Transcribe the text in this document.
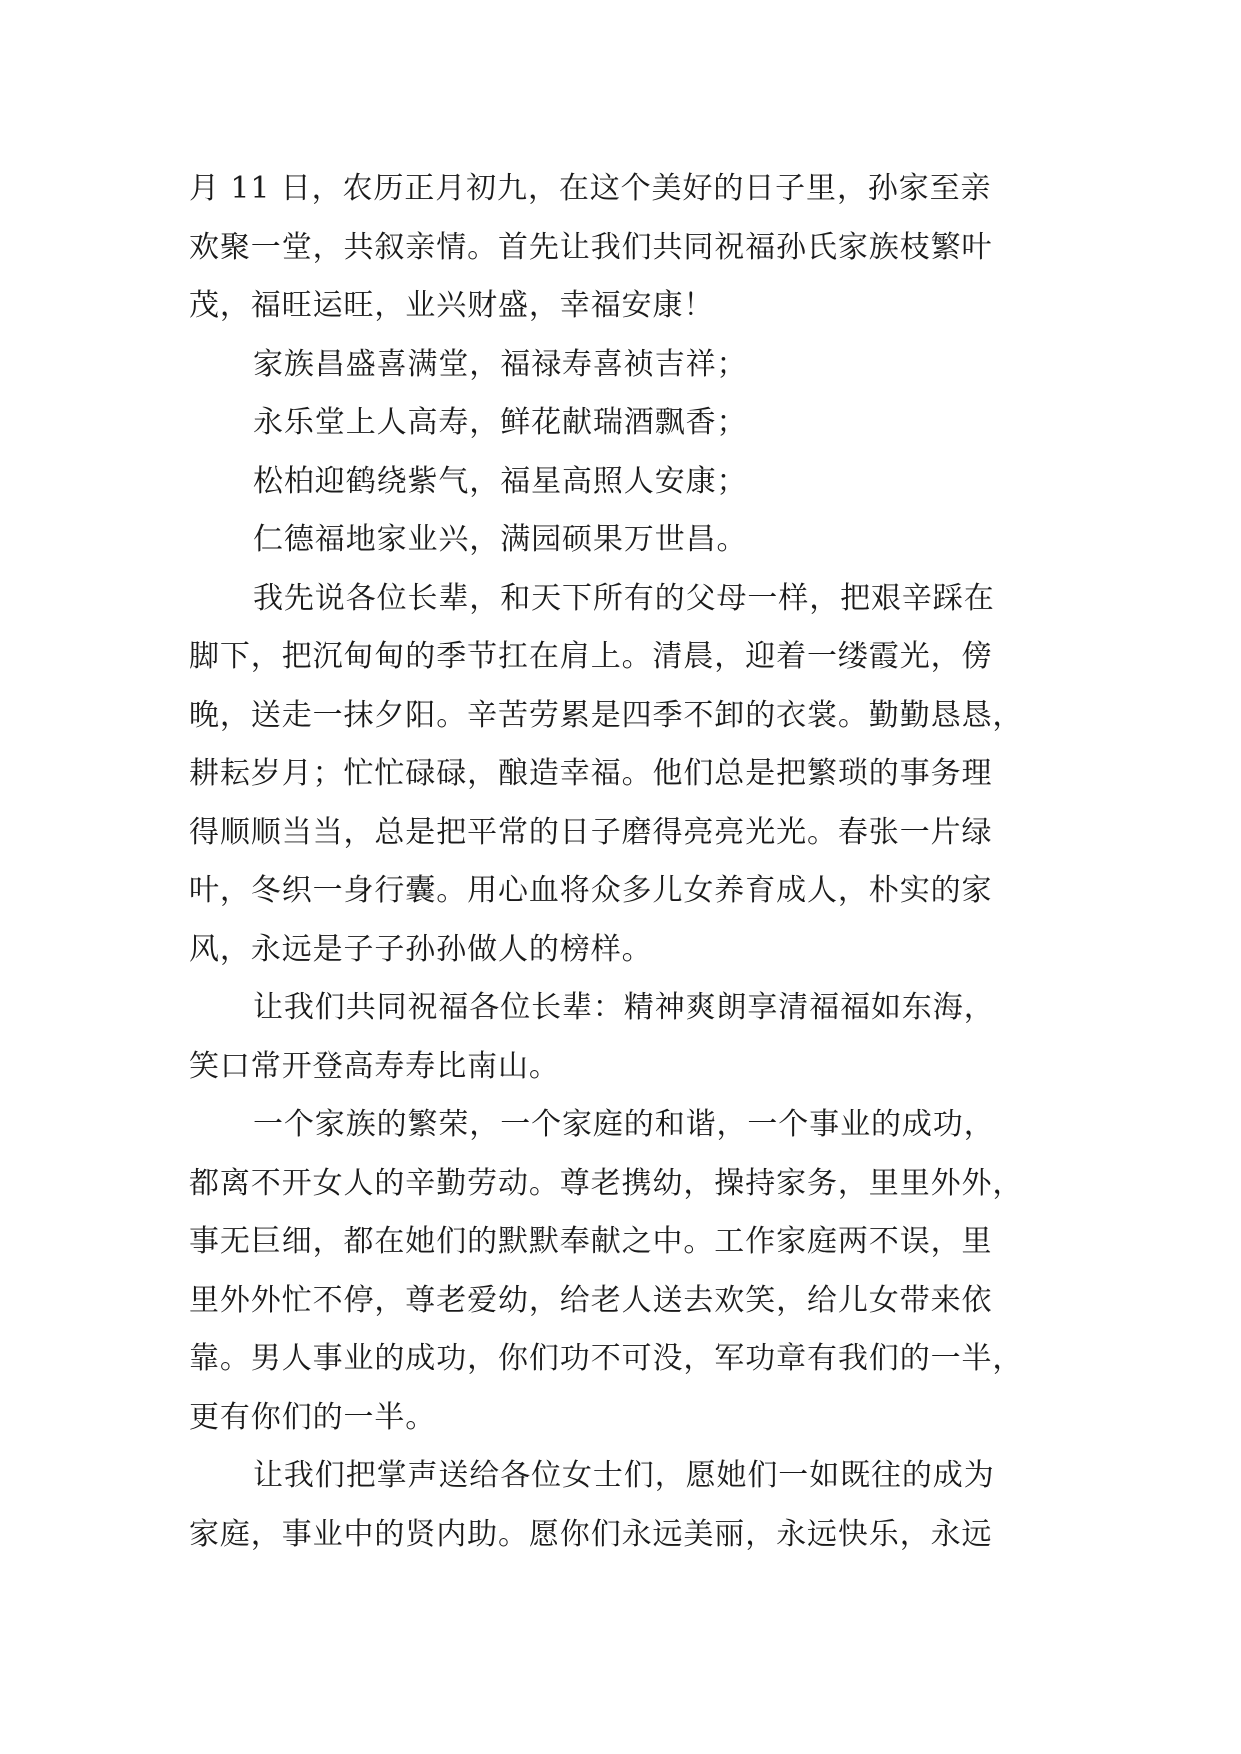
月 11 日，农历正月初九，在这个美好的日子里，孙家至亲
欢聚一堂，共叙亲情。首先让我们共同祝福孙氏家族枝繁叶
茂，福旺运旺，业兴财盛，幸福安康！
家族昌盛喜满堂，福禄寿喜祯吉祥；
永乐堂上人高寿，鲜花献瑞酒飘香；
松柏迎鹤绕紫气，福星高照人安康；
仁德福地家业兴，满园硕果万世昌。
我先说各位长辈，和天下所有的父母一样，把艰辛踩在
脚下，把沉甸甸的季节扛在肩上。清晨，迎着一缕霞光，傍
晚，送走一抹夕阳。辛苦劳累是四季不卸的衣裳。勤勤恳恳，
耕耘岁月；忙忙碌碌，酿造幸福。他们总是把繁琐的事务理
得顺顺当当，总是把平常的日子磨得亮亮光光。春张一片绿
叶，冬织一身行囊。用心血将众多儿女养育成人，朴实的家
风，永远是子子孙孙做人的榜样。
让我们共同祝福各位长辈：精神爽朗享清福福如东海，
笑口常开登高寿寿比南山。
一个家族的繁荣，一个家庭的和谐，一个事业的成功，
都离不开女人的辛勤劳动。尊老携幼，操持家务，里里外外，
事无巨细，都在她们的默默奉献之中。工作家庭两不误，里
里外外忙不停，尊老爱幼，给老人送去欢笑，给儿女带来依
靠。男人事业的成功，你们功不可没，军功章有我们的一半，
更有你们的一半。
让我们把掌声送给各位女士们，愿她们一如既往的成为
家庭，事业中的贤内助。愿你们永远美丽，永远快乐，永远
